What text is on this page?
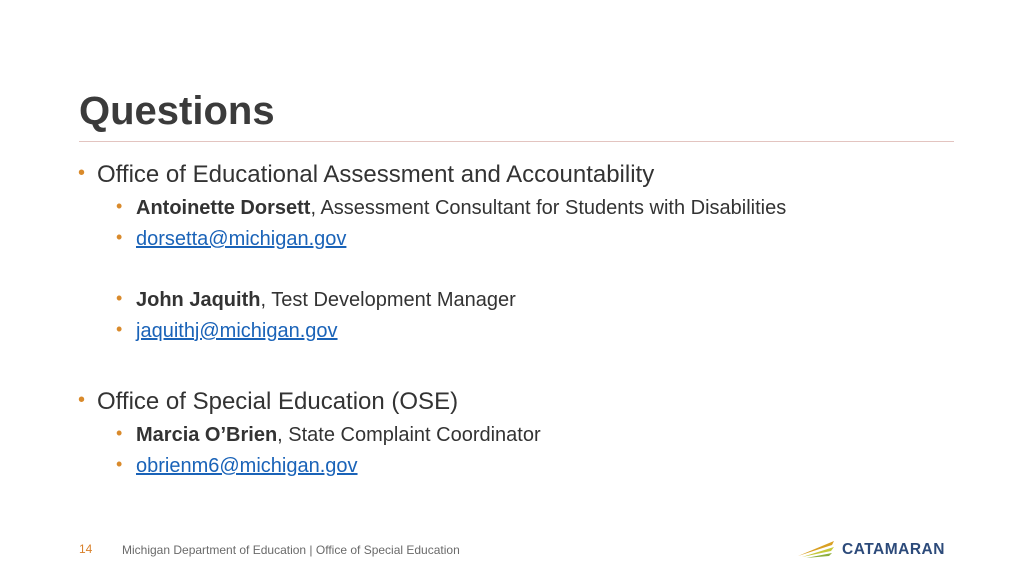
Questions
• Office of Educational Assessment and Accountability
• Antoinette Dorsett, Assessment Consultant for Students with Disabilities
• dorsetta@michigan.gov
• John Jaquith, Test Development Manager
• jaquithj@michigan.gov
• Office of Special Education (OSE)
• Marcia O’Brien, State Complaint Coordinator
• obrienm6@michigan.gov
14 Michigan Department of Education | Office of Special Education	CATAMARAN
